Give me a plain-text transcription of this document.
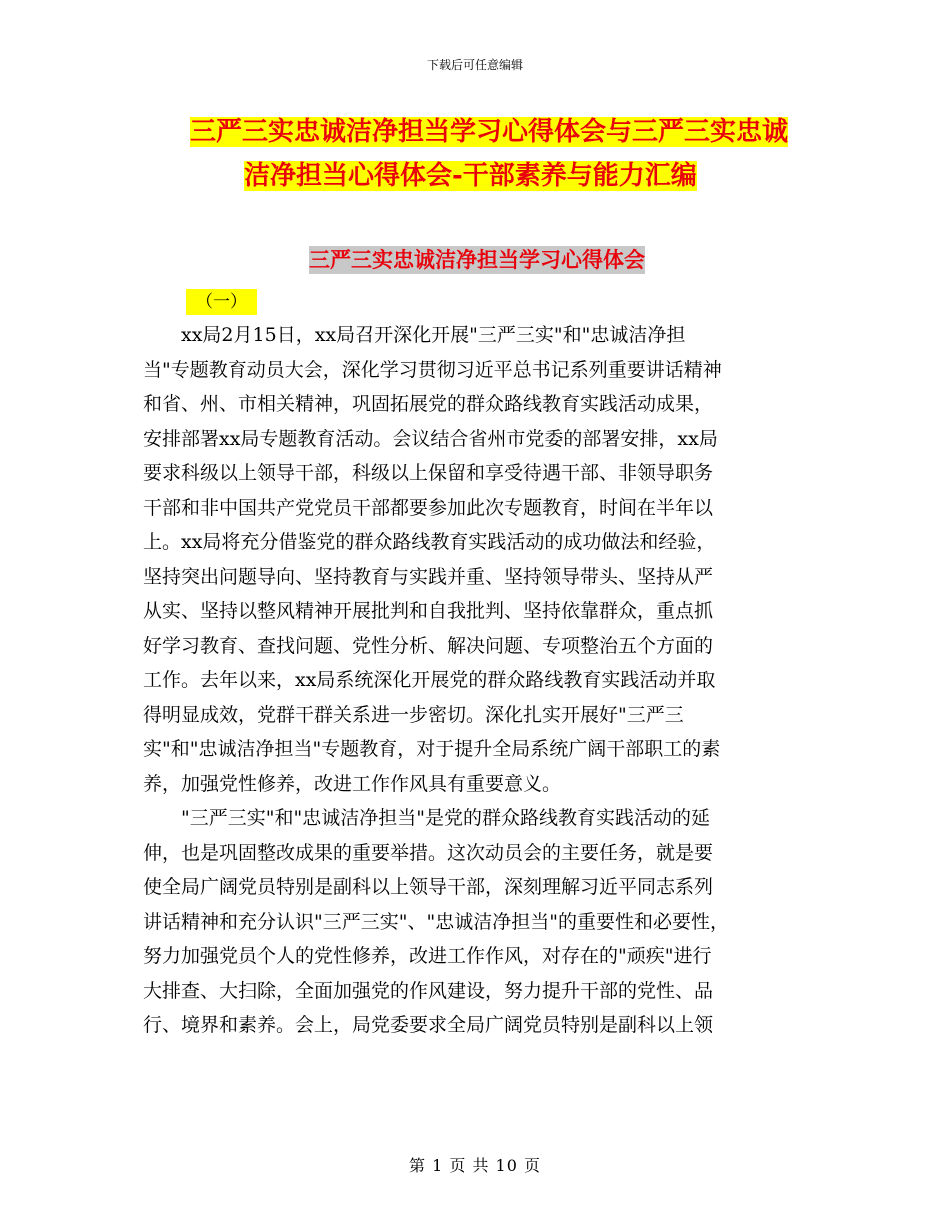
下载后可任意编辑
三严三实忠诚洁净担当学习心得体会与三严三实忠诚
洁净担当心得体会-干部素养与能力汇编
三严三实忠诚洁净担当学习心得体会
（一）
　　xx局2月15日，xx局召开深化开展"三严三实"和"忠诚洁净担
当"专题教育动员大会，深化学习贯彻习近平总书记系列重要讲话精神
和省、州、市相关精神，巩固拓展党的群众路线教育实践活动成果，
安排部署xx局专题教育活动。会议结合省州市党委的部署安排，xx局
要求科级以上领导干部，科级以上保留和享受待遇干部、非领导职务
干部和非中国共产党党员干部都要参加此次专题教育，时间在半年以
上。xx局将充分借鉴党的群众路线教育实践活动的成功做法和经验，
坚持突出问题导向、坚持教育与实践并重、坚持领导带头、坚持从严
从实、坚持以整风精神开展批判和自我批判、坚持依靠群众，重点抓
好学习教育、查找问题、党性分析、解决问题、专项整治五个方面的
工作。去年以来，xx局系统深化开展党的群众路线教育实践活动并取
得明显成效，党群干群关系进一步密切。深化扎实开展好"三严三
实"和"忠诚洁净担当"专题教育，对于提升全局系统广阔干部职工的素
养，加强党性修养，改进工作作风具有重要意义。
　　"三严三实"和"忠诚洁净担当"是党的群众路线教育实践活动的延
伸，也是巩固整改成果的重要举措。这次动员会的主要任务，就是要
使全局广阔党员特别是副科以上领导干部，深刻理解习近平同志系列
讲话精神和充分认识"三严三实"、"忠诚洁净担当"的重要性和必要性，
努力加强党员个人的党性修养，改进工作作风，对存在的"顽疾"进行
大排查、大扫除，全面加强党的作风建设，努力提升干部的党性、品
行、境界和素养。会上，局党委要求全局广阔党员特别是副科以上领
第 1 页 共 10 页
